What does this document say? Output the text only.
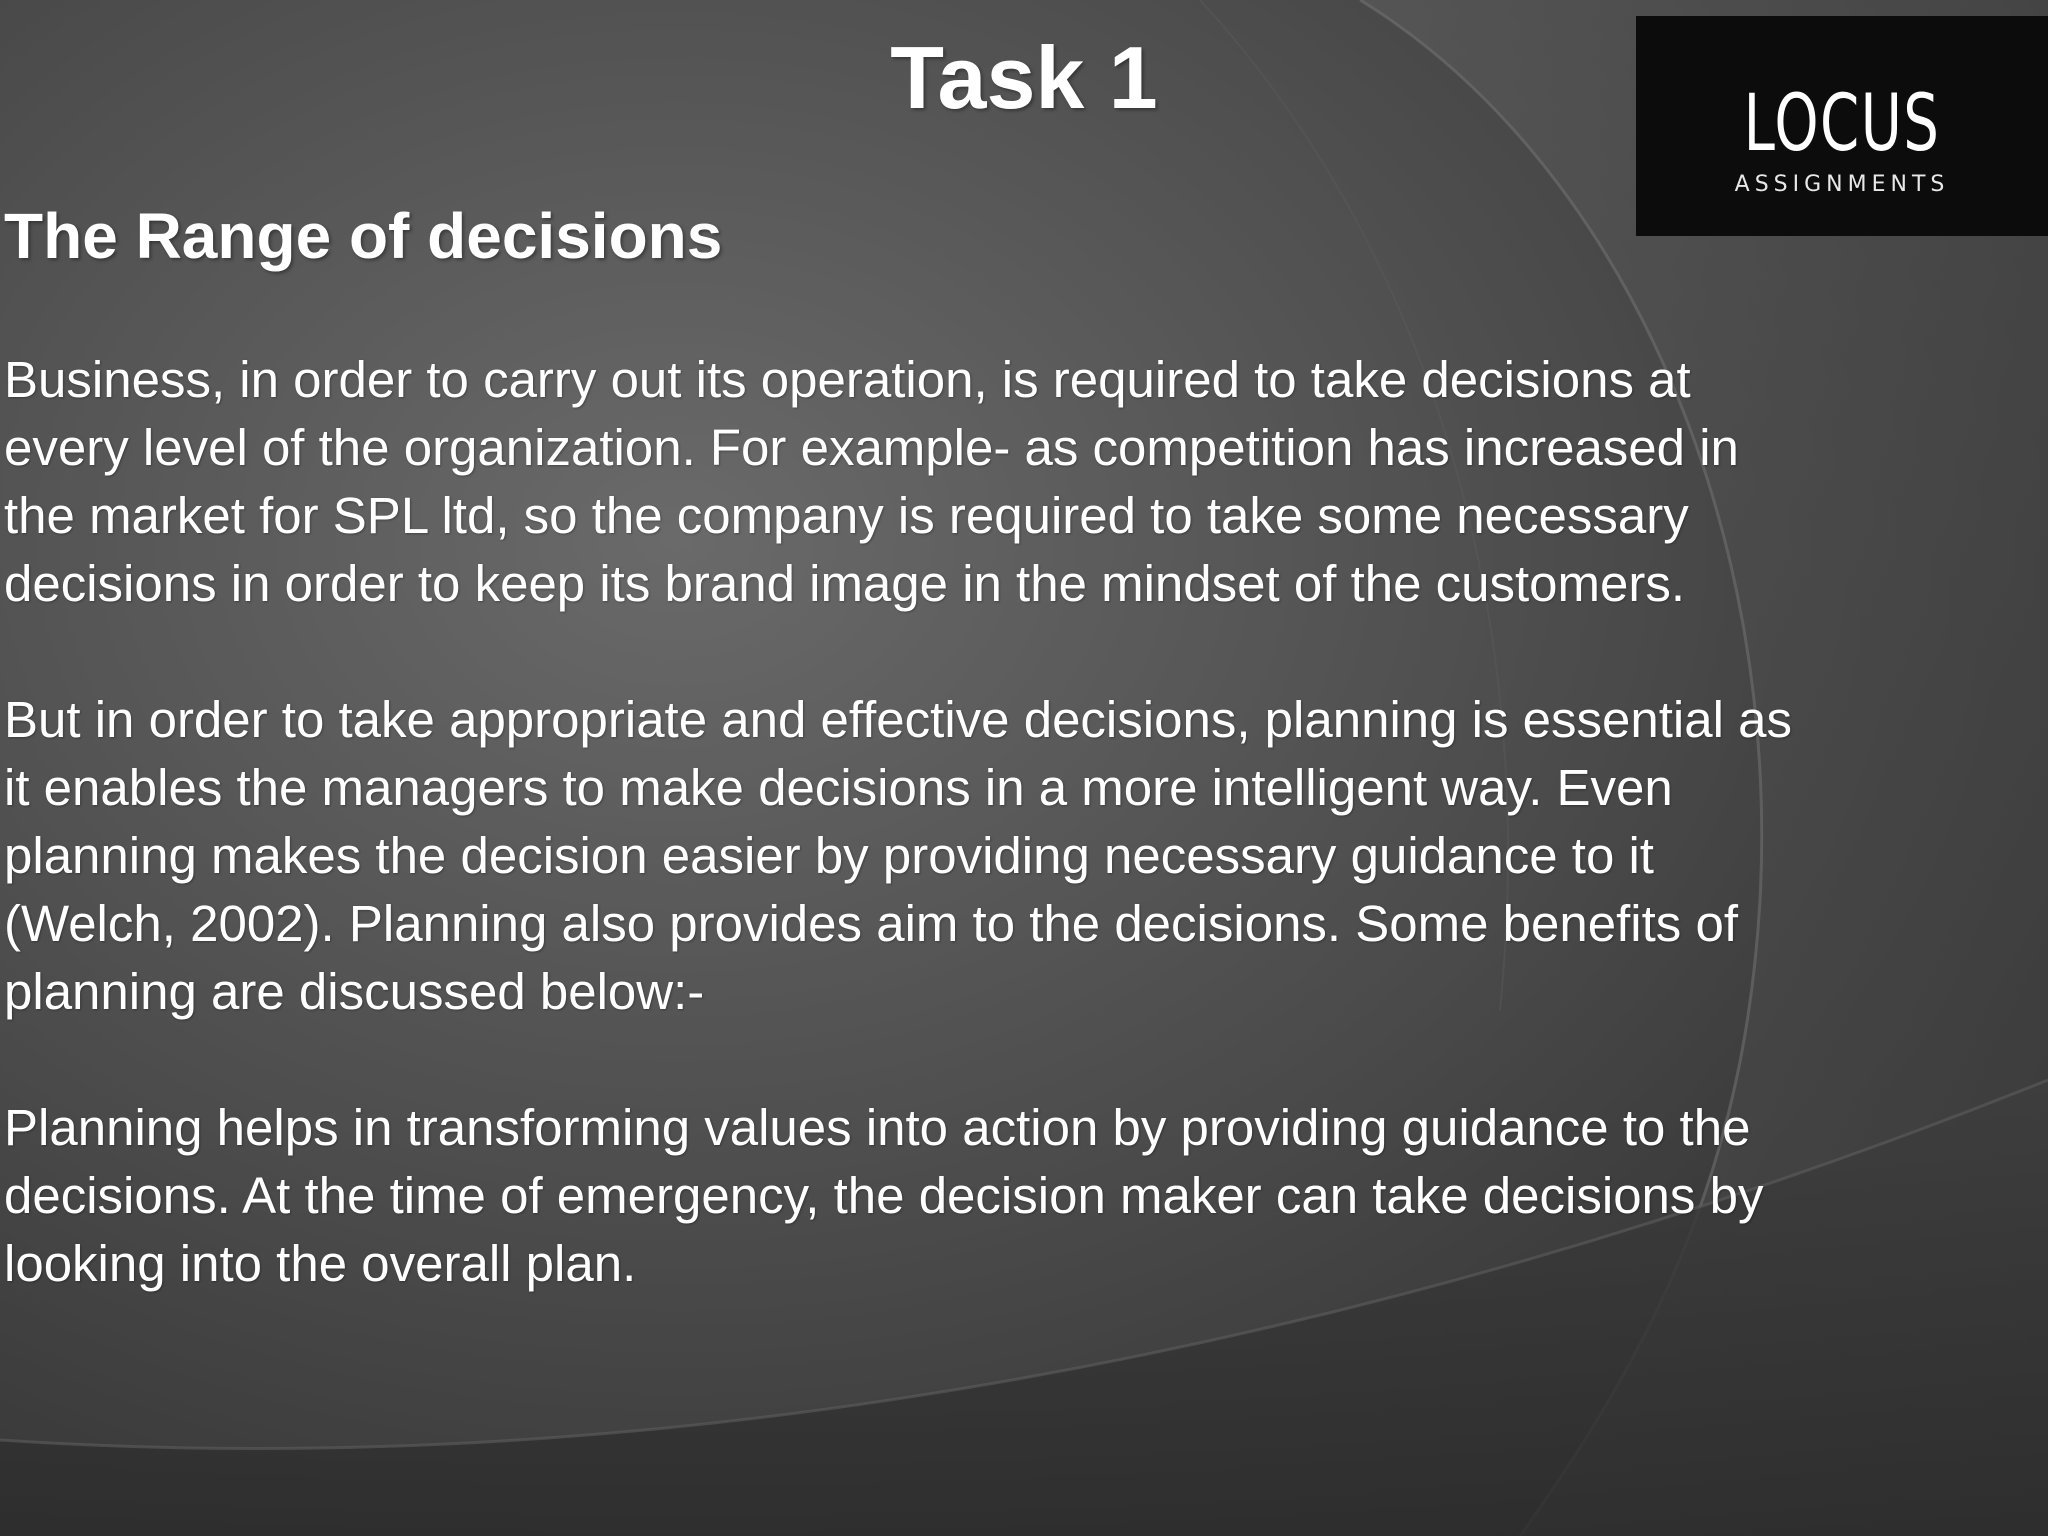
Task 1	LOCUS
ASSIGNMENTS
The Range of decisions

Business, in order to carry out its operation, is required to take decisions at
every level of the organization. For example- as competition has increased in
the market for SPL ltd, so the company is required to take some necessary
decisions in order to keep its brand image in the mindset of the customers.

But in order to take appropriate and effective decisions, planning is essential as
it enables the managers to make decisions in a more intelligent way. Even
planning makes the decision easier by providing necessary guidance to it
(Welch, 2002). Planning also provides aim to the decisions. Some benefits of
planning are discussed below:-

Planning helps in transforming values into action by providing guidance to the
decisions. At the time of emergency, the decision maker can take decisions by
looking into the overall plan.
